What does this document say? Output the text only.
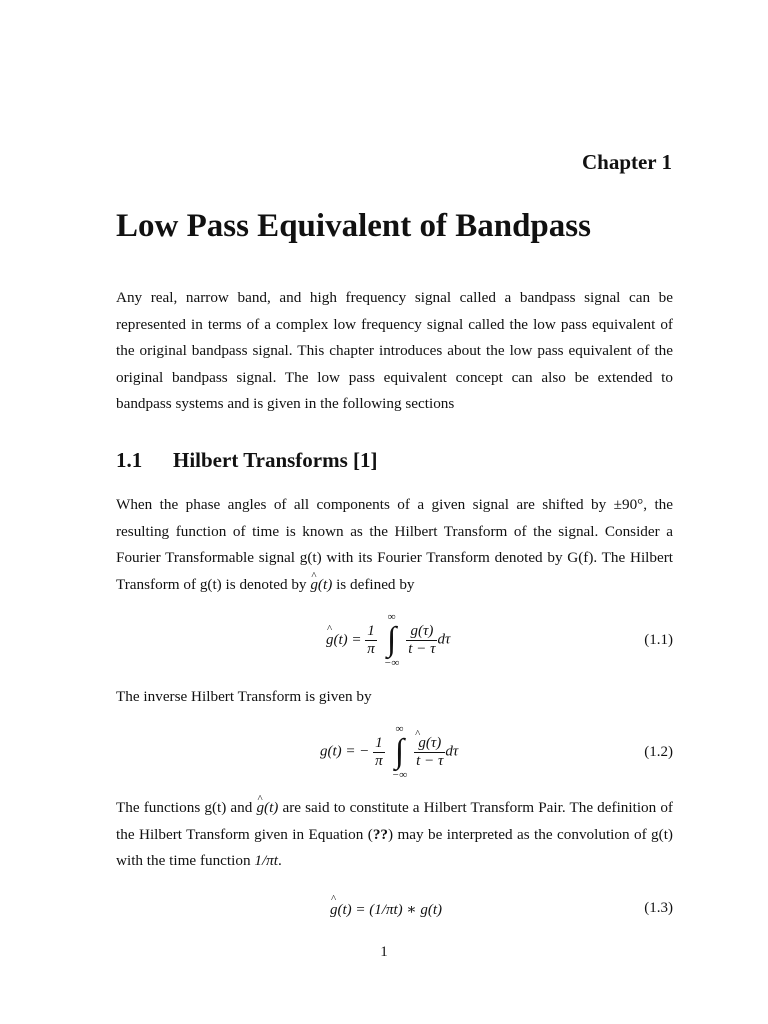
Chapter 1
Low Pass Equivalent of Bandpass

Any real, narrow band, and high frequency signal called a bandpass signal can be represented in terms of a complex low frequency signal called the low pass equivalent of the original bandpass signal. This chapter introduces about the low pass equivalent of the original bandpass signal. The low pass equivalent concept can also be extended to bandpass systems and is given in the following sections

1.1 Hilbert Transforms [1]

When the phase angles of all components of a given signal are shifted by ±90°, the resulting function of time is known as the Hilbert Transform of the signal. Consider a Fourier Transformable signal g(t) with its Fourier Transform denoted by G(f). The Hilbert Transform of g(t) is denoted by ^ g(t) is defined by

^ $g(t) = \frac{1}{\pi}$

∞
∫
−∞

$\frac{g(\tau)}{t - \tau}$ dτ	(1.1)

The inverse Hilbert Transform is given by

g(t) = − $\frac{1}{\pi}$

∞
∫
−∞

^ $\frac{g(\tau)}{t - \tau}$ dτ	(1.2)

The functions g(t) and ^ g(t) are said to constitute a Hilbert Transform Pair. The definition of the Hilbert Transform given in Equation (??) may be interpreted as the convolution of g(t) with the time function 1/πt.

^ g(t) = (1/πt) ∗ g(t)	(1.3)
1
